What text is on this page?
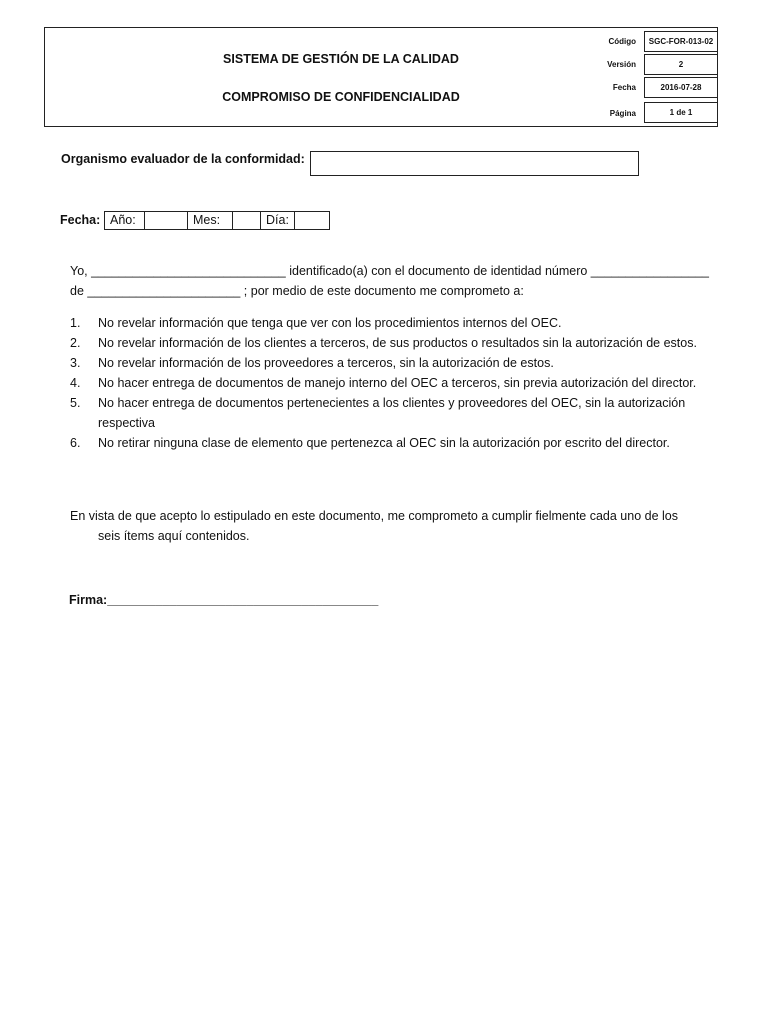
SISTEMA DE GESTIÓN DE LA CALIDAD
COMPROMISO DE CONFIDENCIALIDAD
Código
Versión
Fecha
Página
SGC-FOR-013-02
2
2016-07-28
1 de 1
Organismo evaluador de la conformidad:
Fecha: Año:	Mes:	Día:
Yo, ____________________________ identificado(a) con el documento de identidad número _________________
de ______________________ ; por medio de este documento me comprometo a:
1. No revelar información que tenga que ver con los procedimientos internos del OEC.
2. No revelar información de los clientes a terceros, de sus productos o resultados sin la autorización de estos.
3. No revelar información de los proveedores a terceros, sin la autorización de estos.
4. No hacer entrega de documentos de manejo interno del OEC a terceros, sin previa autorización del director.
5. No hacer entrega de documentos pertenecientes a los clientes y proveedores del OEC, sin la autorización respectiva
6. No retirar ninguna clase de elemento que pertenezca al OEC sin la autorización por escrito del director.
En vista de que acepto lo estipulado en este documento, me comprometo a cumplir fielmente cada uno de los
seis ítems aquí contenidos.
Firma:_______________________________________
